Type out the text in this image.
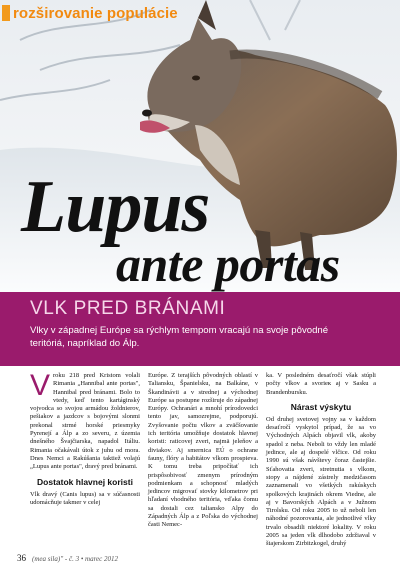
rozširovanie populácie
Lupus
ante portas
VLK PRED BRÁNAMI
Vlky v západnej Európe sa rýchlym tempom vracajú na svoje pôvodné teritóriá, napríklad do Álp.

Vroku 218 pred Kristom volali Rimania „Hannibal ante portas", Hannibal pred bránami. Bolo to vtedy, keď tento kartáginský vojvodca so svojou armádou žoldnierov, pešiakov a jazdcov s bojovými slonmi prekonal strmé horské priesmyky Pyrenejí a Álp a zo severu, z územia dnešného Švajčiarska, napadol Itáliu. Rimania očakávali útok z juhu od mora. Dnes Nemci a Rakúšania taktiež volajú „Lupus ante portas", dravý pred bránami.

Dostatok hlavnej koristi

Vlk dravý (Canis lupus) sa v súčasnosti udomácňuje takmer v celej

Európe. Z terajších pôvodných oblastí v Taliansku, Španielsku, na Balkáne, v Škandinávii a v strednej a východnej Európe sa postupne rozširuje do západnej Európy. Ochranári a mnohí prírodovedci tento jav, samozrejme, podporujú. Zvyšovanie počtu vlkov a zväčšovanie ich teritória umožňuje dostatok hlavnej koristi: raticovej zveri, najmä jeleňov a diviakov. Aj smernica EÚ o ochrane fauny, flóry a habitátov vlkom prospieva. K tomu treba pripočítať ich prispôsobivosť zmenym prírodným podmienkam a schopnosť mladých jedincov migrovať stovky kilometrov pri hľadaní vhodného teritória, vďaka čomu sa dostali cez taliansko Alpy do Západných Álp a z Poľska do východnej časti Nemec-

ka. V posledném desaťročí však stúpli počty vlkov a svorieк aj v Sasku a Brandenbursku.

Nárast výskytu

Od druhej svetovej vojny sa v každom desaťročí vyskytol prípad, že sa vo Východných Alpách objavil vlk, akoby spadol z neba. Neboli to vždy len mladé jedince, ale aj dospelé vlčice. Od roku 1990 sú však návštevy čoraz častejšie. Sťahovatia zveri, stretnutia s vlkom, stopy a nájdené zástrely medzičasom zaznamenali vo všetkých rakúskych spolkových krajinách okrem Viedne, ale aj v Bavorských Alpách a v Južnom Tirolsku. Od roku 2005 to už neboli len náhodné pozorovania, ale jednotlivé vlky trvalo obsadili niektoré lokality. V roku 2005 sa jeden vlk dlhodobo zdržiaval v štajerskom Zirbitzkogel, druhý

36 (mea sila)" - č. 3 • marec 2012
